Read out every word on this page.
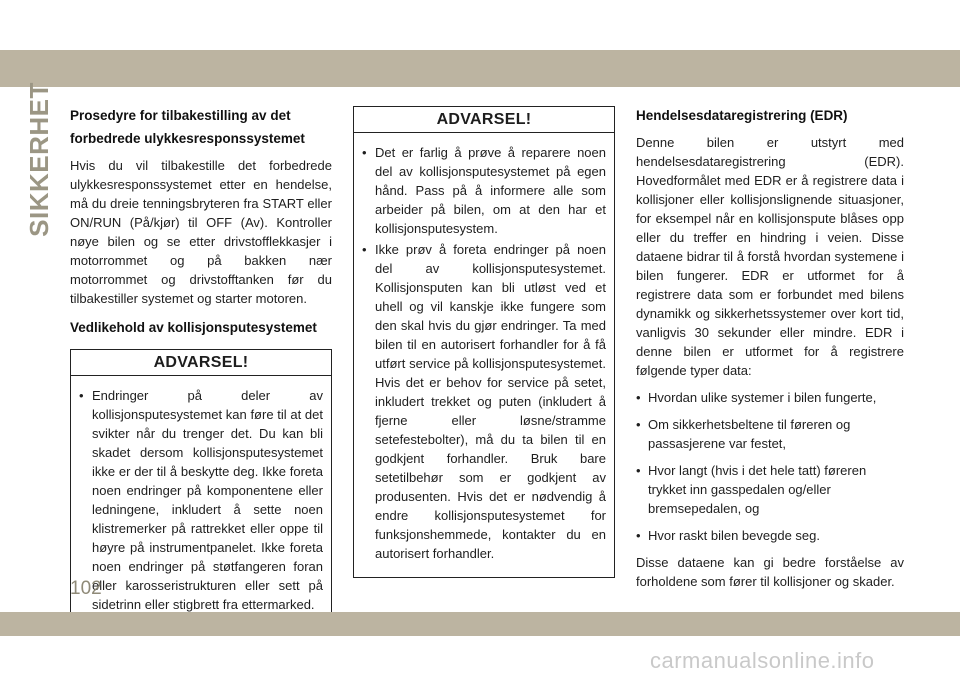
SIKKERHET Prosedyre for tilbakestilling av det forbedrede ulykkesresponssystemet

Hvis du vil tilbakestille det forbedrede ulykkesresponssystemet etter en hendelse, må du dreie tenningsbryteren fra START eller ON/RUN (På/kjør) til OFF (Av). Kontroller nøye bilen og se etter drivstofflekkasjer i motorrommet og på bakken nær motorrommet og drivstofftanken før du tilbakestiller systemet og starter motoren.

Vedlikehold av kollisjonsputesystemet
ADVARSEL!
• Endringer på deler av kollisjonsputesystemet kan føre til at det svikter når du trenger det. Du kan bli skadet dersom kollisjonsputesystemet ikke er der til å beskytte deg. Ikke foreta noen endringer på komponentene eller ledningene, inkludert å sette noen klistremerker på rattrekket eller oppe til høyre på instrumentpanelet. Ikke foreta noen endringer på støtfangeren foran eller karosseristrukturen eller sett på sidetrinn eller stigbrett fra ettermarked.
ADVARSEL!
• Det er farlig å prøve å reparere noen del av kollisjonsputesystemet på egen hånd. Pass på å informere alle som arbeider på bilen, om at den har et kollisjonsputesystem.
• Ikke prøv å foreta endringer på noen del av kollisjonsputesystemet. Kollisjonsputen kan bli utløst ved et uhell og vil kanskje ikke fungere som den skal hvis du gjør endringer. Ta med bilen til en autorisert forhandler for å få utført service på kollisjonsputesystemet. Hvis det er behov for service på setet, inkludert trekket og puten (inkludert å fjerne eller løsne/stramme setefestebolter), må du ta bilen til en godkjent forhandler. Bruk bare setetilbehør som er godkjent av produsenten. Hvis det er nødvendig å endre kollisjonsputesystemet for funksjonshemmede, kontakter du en autorisert forhandler.
Hendelsesdataregistrering (EDR)

Denne bilen er utstyrt med hendelsesdataregistrering (EDR). Hovedformålet med EDR er å registrere data i kollisjoner eller kollisjonslignende situasjoner, for eksempel når en kollisjonspute blåses opp eller du treffer en hindring i veien. Disse dataene bidrar til å forstå hvordan systemene i bilen fungerer. EDR er utformet for å registrere data som er forbundet med bilens dynamikk og sikkerhetssystemer over kort tid, vanligvis 30 sekunder eller mindre. EDR i denne bilen er utformet for å registrere følgende typer data:

• Hvordan ulike systemer i bilen fungerte,
• Om sikkerhetsbeltene til føreren og passasjerene var festet,
• Hvor langt (hvis i det hele tatt) føreren trykket inn gasspedalen og/eller bremsepedalen, og
• Hvor raskt bilen bevegde seg.

Disse dataene kan gi bedre forståelse av forholdene som fører til kollisjoner og skader.

102
carmanualsonline.info
